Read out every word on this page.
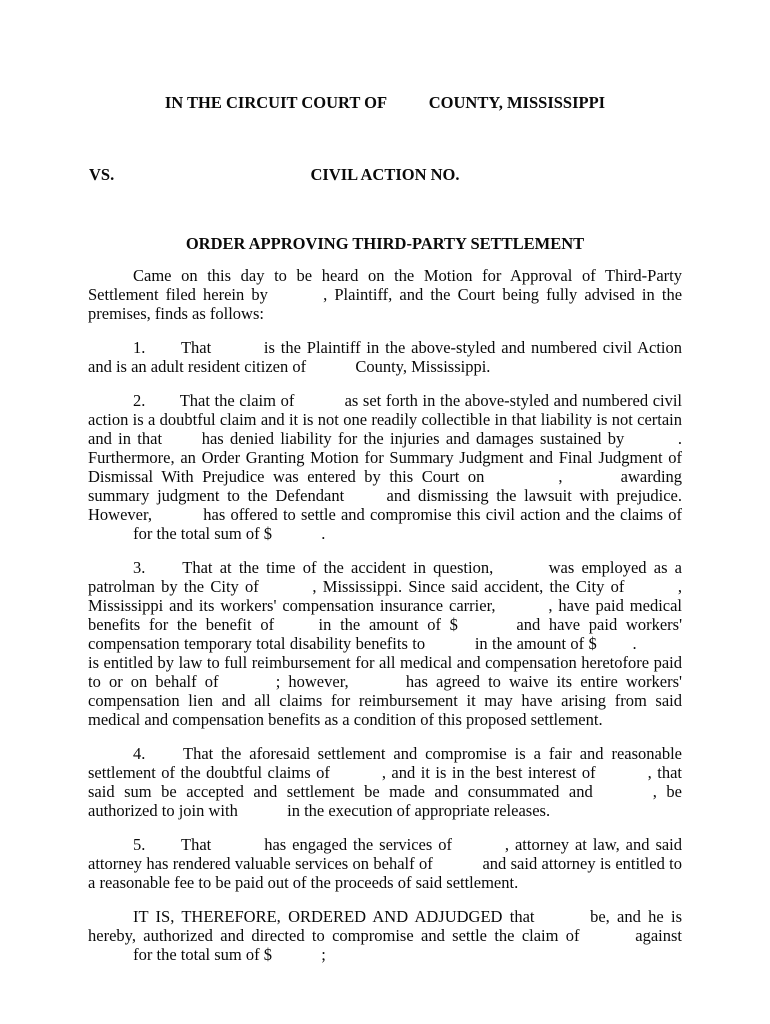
IN THE CIRCUIT COURT OF	COUNTY, MISSISSIPPI
VS.	CIVIL ACTION NO.
ORDER APPROVING THIRD-PARTY SETTLEMENT

Came on this day to be heard on the Motion for Approval of Third-Party Settlement filed herein by	, Plaintiff, and the Court being fully advised in the premises, finds as follows:

1. That	is the Plaintiff in the above-styled and numbered civil Action and is an adult resident citizen of	County, Mississippi.

2. That the claim of	as set forth in the above-styled and numbered civil action is a doubtful claim and it is not one readily collectible in that liability is not certain and in that has denied liability for the injuries and damages sustained by	. Furthermore, an Order Granting Motion for Summary Judgment and Final Judgment of Dismissal With Prejudice was entered by this Court on	,	awarding summary judgment to the Defendant	and dismissing the lawsuit with prejudice. However,	has offered to settle and compromise this civil action and the claims of  for the total sum of $	.

3. That at the time of the accident in question,	was employed as a patrolman by the City of	, Mississippi. Since said accident, the City of	, Mississippi and its workers' compensation insurance carrier,	, have paid medical benefits for the benefit of	in the amount of $	and have paid workers' compensation temporary total disability benefits to	in the amount of $ .  is entitled by law to full reimbursement for all medical and compensation heretofore paid to or on behalf of	; however,	has agreed to waive its entire workers' compensation lien and all claims for reimbursement it may have arising from said medical and compensation benefits as a condition of this proposed settlement.

4. That the aforesaid settlement and compromise is a fair and reasonable settlement of the doubtful claims of	, and it is in the best interest of	, that said sum be accepted and settlement be made and consummated and	, be authorized to join with	in the execution of appropriate releases.

5. That	has engaged the services of	, attorney at law, and said attorney has rendered valuable services on behalf of	and said attorney is entitled to a reasonable fee to be paid out of the proceeds of said settlement.

IT IS, THEREFORE, ORDERED AND ADJUDGED that	be, and he is hereby, authorized and directed to compromise and settle the claim of	against  for the total sum of $	;
